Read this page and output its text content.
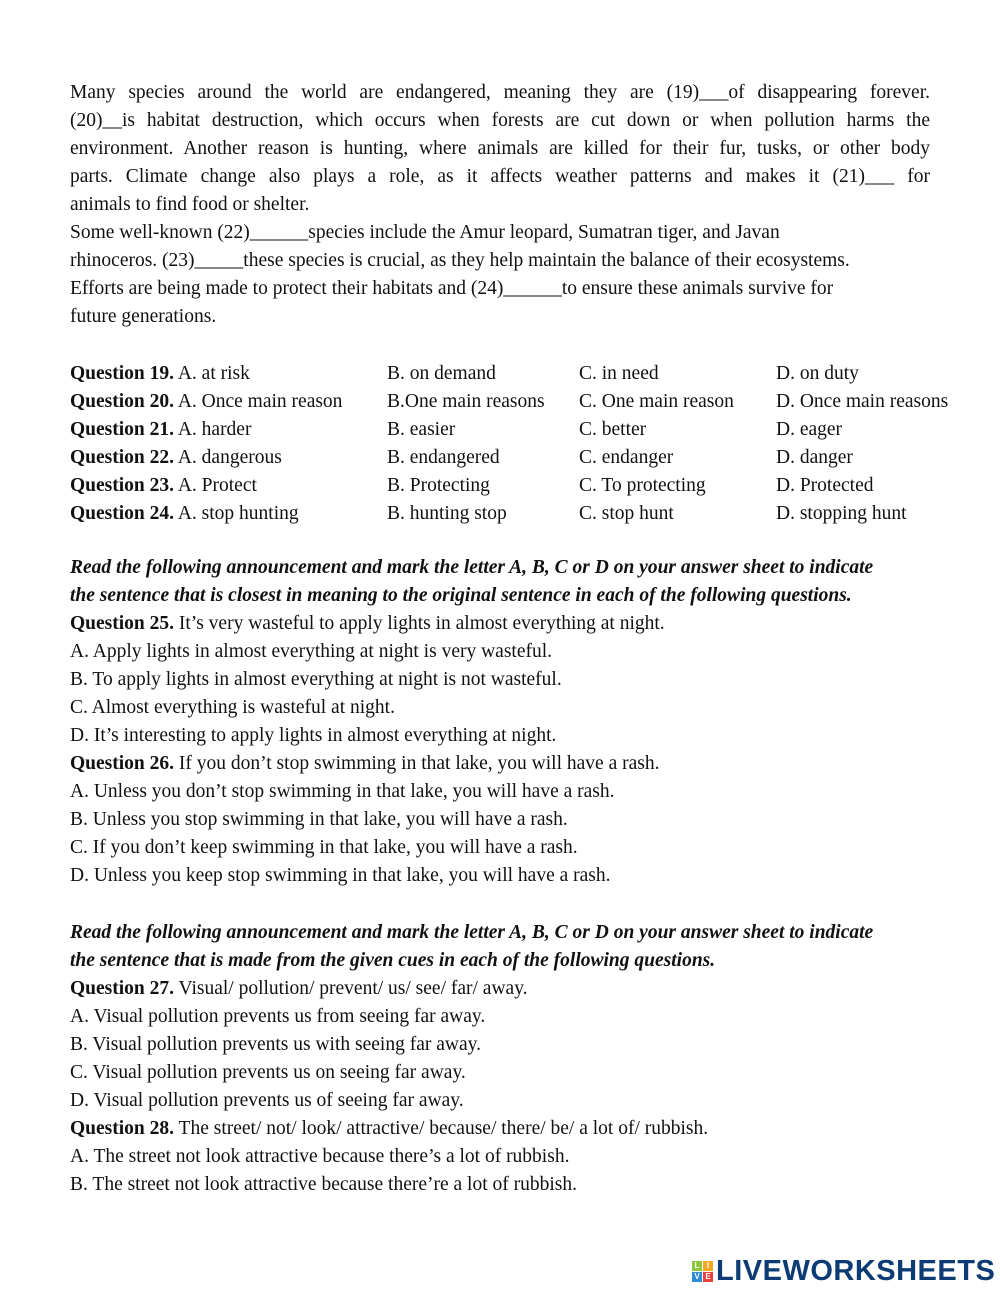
Many species around the world are endangered, meaning they are (19)___of disappearing forever.
(20)__is habitat destruction, which occurs when forests are cut down or when pollution harms the
environment. Another reason is hunting, where animals are killed for their fur, tusks, or other body
parts. Climate change also plays a role, as it affects weather patterns and makes it (21)___ for
animals to find food or shelter.
Some well-known (22)______species include the Amur leopard, Sumatran tiger, and Javan
rhinoceros. (23)_____these species is crucial, as they help maintain the balance of their ecosystems.
Efforts are being made to protect their habitats and (24)______to ensure these animals survive for
future generations.
Question 19. A. at risk	B. on demand	C. in need	D. on duty
Question 20. A. Once main reason	B.One main reasons	C. One main reason	D. Once main reasons
Question 21. A. harder	B. easier	C. better	D. eager
Question 22. A. dangerous	B. endangered	C. endanger	D. danger
Question 23. A. Protect	B. Protecting	C. To protecting	D. Protected
Question 24. A. stop hunting	B. hunting stop	C. stop hunt	D. stopping hunt
Read the following announcement and mark the letter A, B, C or D on your answer sheet to indicate
the sentence that is closest in meaning to the original sentence in each of the following questions.
Question 25. It’s very wasteful to apply lights in almost everything at night.
A. Apply lights in almost everything at night is very wasteful.
B. To apply lights in almost everything at night is not wasteful.
C. Almost everything is wasteful at night.
D. It’s interesting to apply lights in almost everything at night.
Question 26. If you don’t stop swimming in that lake, you will have a rash.
A. Unless you don’t stop swimming in that lake, you will have a rash.
B. Unless you stop swimming in that lake, you will have a rash.
C. If you don’t keep swimming in that lake, you will have a rash.
D. Unless you keep stop swimming in that lake, you will have a rash.
Read the following announcement and mark the letter A, B, C or D on your answer sheet to indicate
the sentence that is made from the given cues in each of the following questions.
Question 27. Visual/ pollution/ prevent/ us/ see/ far/ away.
A. Visual pollution prevents us from seeing far away.
B. Visual pollution prevents us with seeing far away.
C. Visual pollution prevents us on seeing far away.
D. Visual pollution prevents us of seeing far away.
Question 28. The street/ not/ look/ attractive/ because/ there/ be/ a lot of/ rubbish.
A. The street not look attractive because there’s a lot of rubbish.
B. The street not look attractive because there’re a lot of rubbish.
L I
V E LIVEWORKSHEETS
